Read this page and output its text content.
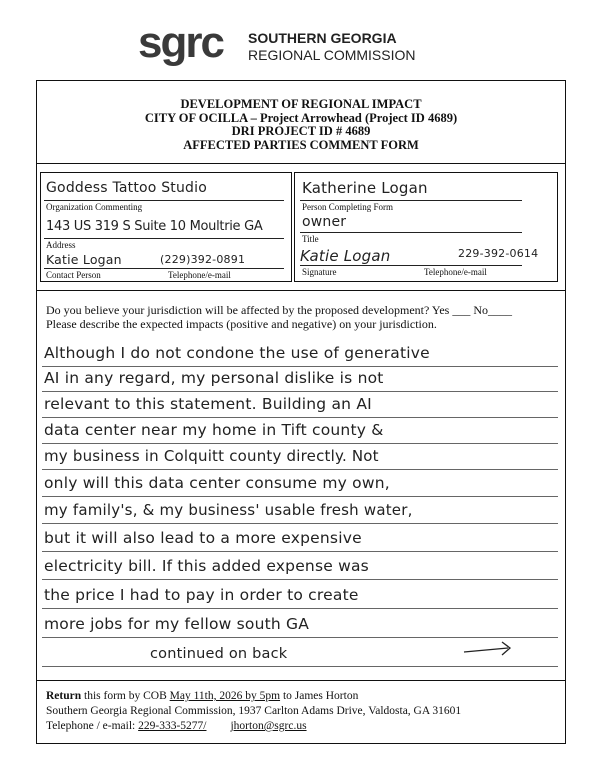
sgrc SOUTHERN GEORGIA
REGIONAL COMMISSION
DEVELOPMENT OF REGIONAL IMPACT
CITY OF OCILLA – Project Arrowhead (Project ID 4689)
DRI PROJECT ID # 4689
AFFECTED PARTIES COMMENT FORM
Goddess Tattoo Studio
Organization Commenting
143 US 319 S Suite 10 Moultrie GA
Address
Katie Logan	(229)392-0891
Contact Person	Telephone/e-mail
Katherine Logan
Person Completing Form
owner
Title
Katie Logan	229-392-0614
Signature	Telephone/e-mail
Do you believe your jurisdiction will be affected by the proposed development? Yes ___ No____
Please describe the expected impacts (positive and negative) on your jurisdiction.
Although I do not condone the use of generative
AI in any regard, my personal dislike is not
relevant to this statement. Building an AI
data center near my home in Tift county &
my business in Colquitt county directly. Not
only will this data center consume my own,
my family's, & my business' usable fresh water,
but it will also lead to a more expensive
electricity bill. If this added expense was
the price I had to pay in order to create
more jobs for my fellow south GA
continued on back
Return this form by COB May 11th, 2026 by 5pm to James Horton
Southern Georgia Regional Commission, 1937 Carlton Adams Drive, Valdosta, GA 31601
Telephone / e-mail: 229-333-5277/ jhorton@sgrc.us
